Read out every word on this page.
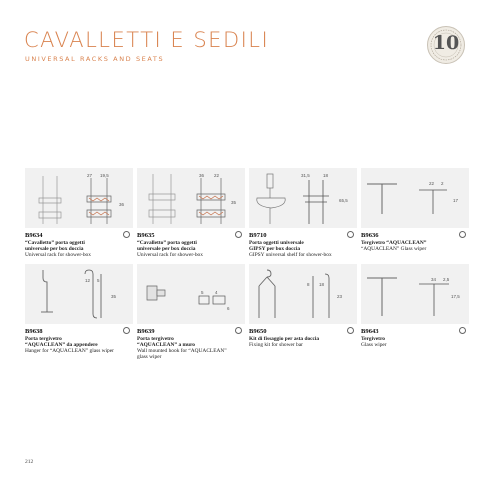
CAVALLETTI E SEDILI
UNIVERSAL RACKS AND SEATS
10
27 19,5
36
36 22
35
31,5	18
65,5
22 2
17
B9634
“Cavalletto” porta oggetti
universale per box doccia
Universal rack for shower-box
B9635
“Cavalletto” porta oggetti
universale per box doccia
Universal rack for shower-box
B9710
Porta oggetti universale
GIPSY per box doccia
GIPSY universal shelf for shower-box
B9636
Tergivetro “AQUACLEAN”
“AQUACLEAN” Glass wiper
12 5
35
5	4
6
8 18
23
34 2,5
17,5
B9638
Porta tergivetro
“AQUACLEAN” da appendere
Hanger for “AQUACLEAN” glass wiper
B9639
Porta tergivetro
“AQUACLEAN” a muro
Wall mounted hook for “AQUACLEAN”
glass wiper
B9650
Kit di fissaggio per asta doccia
Fixing kit for shower bar
B9643
Tergivetro
Glass wiper
212
